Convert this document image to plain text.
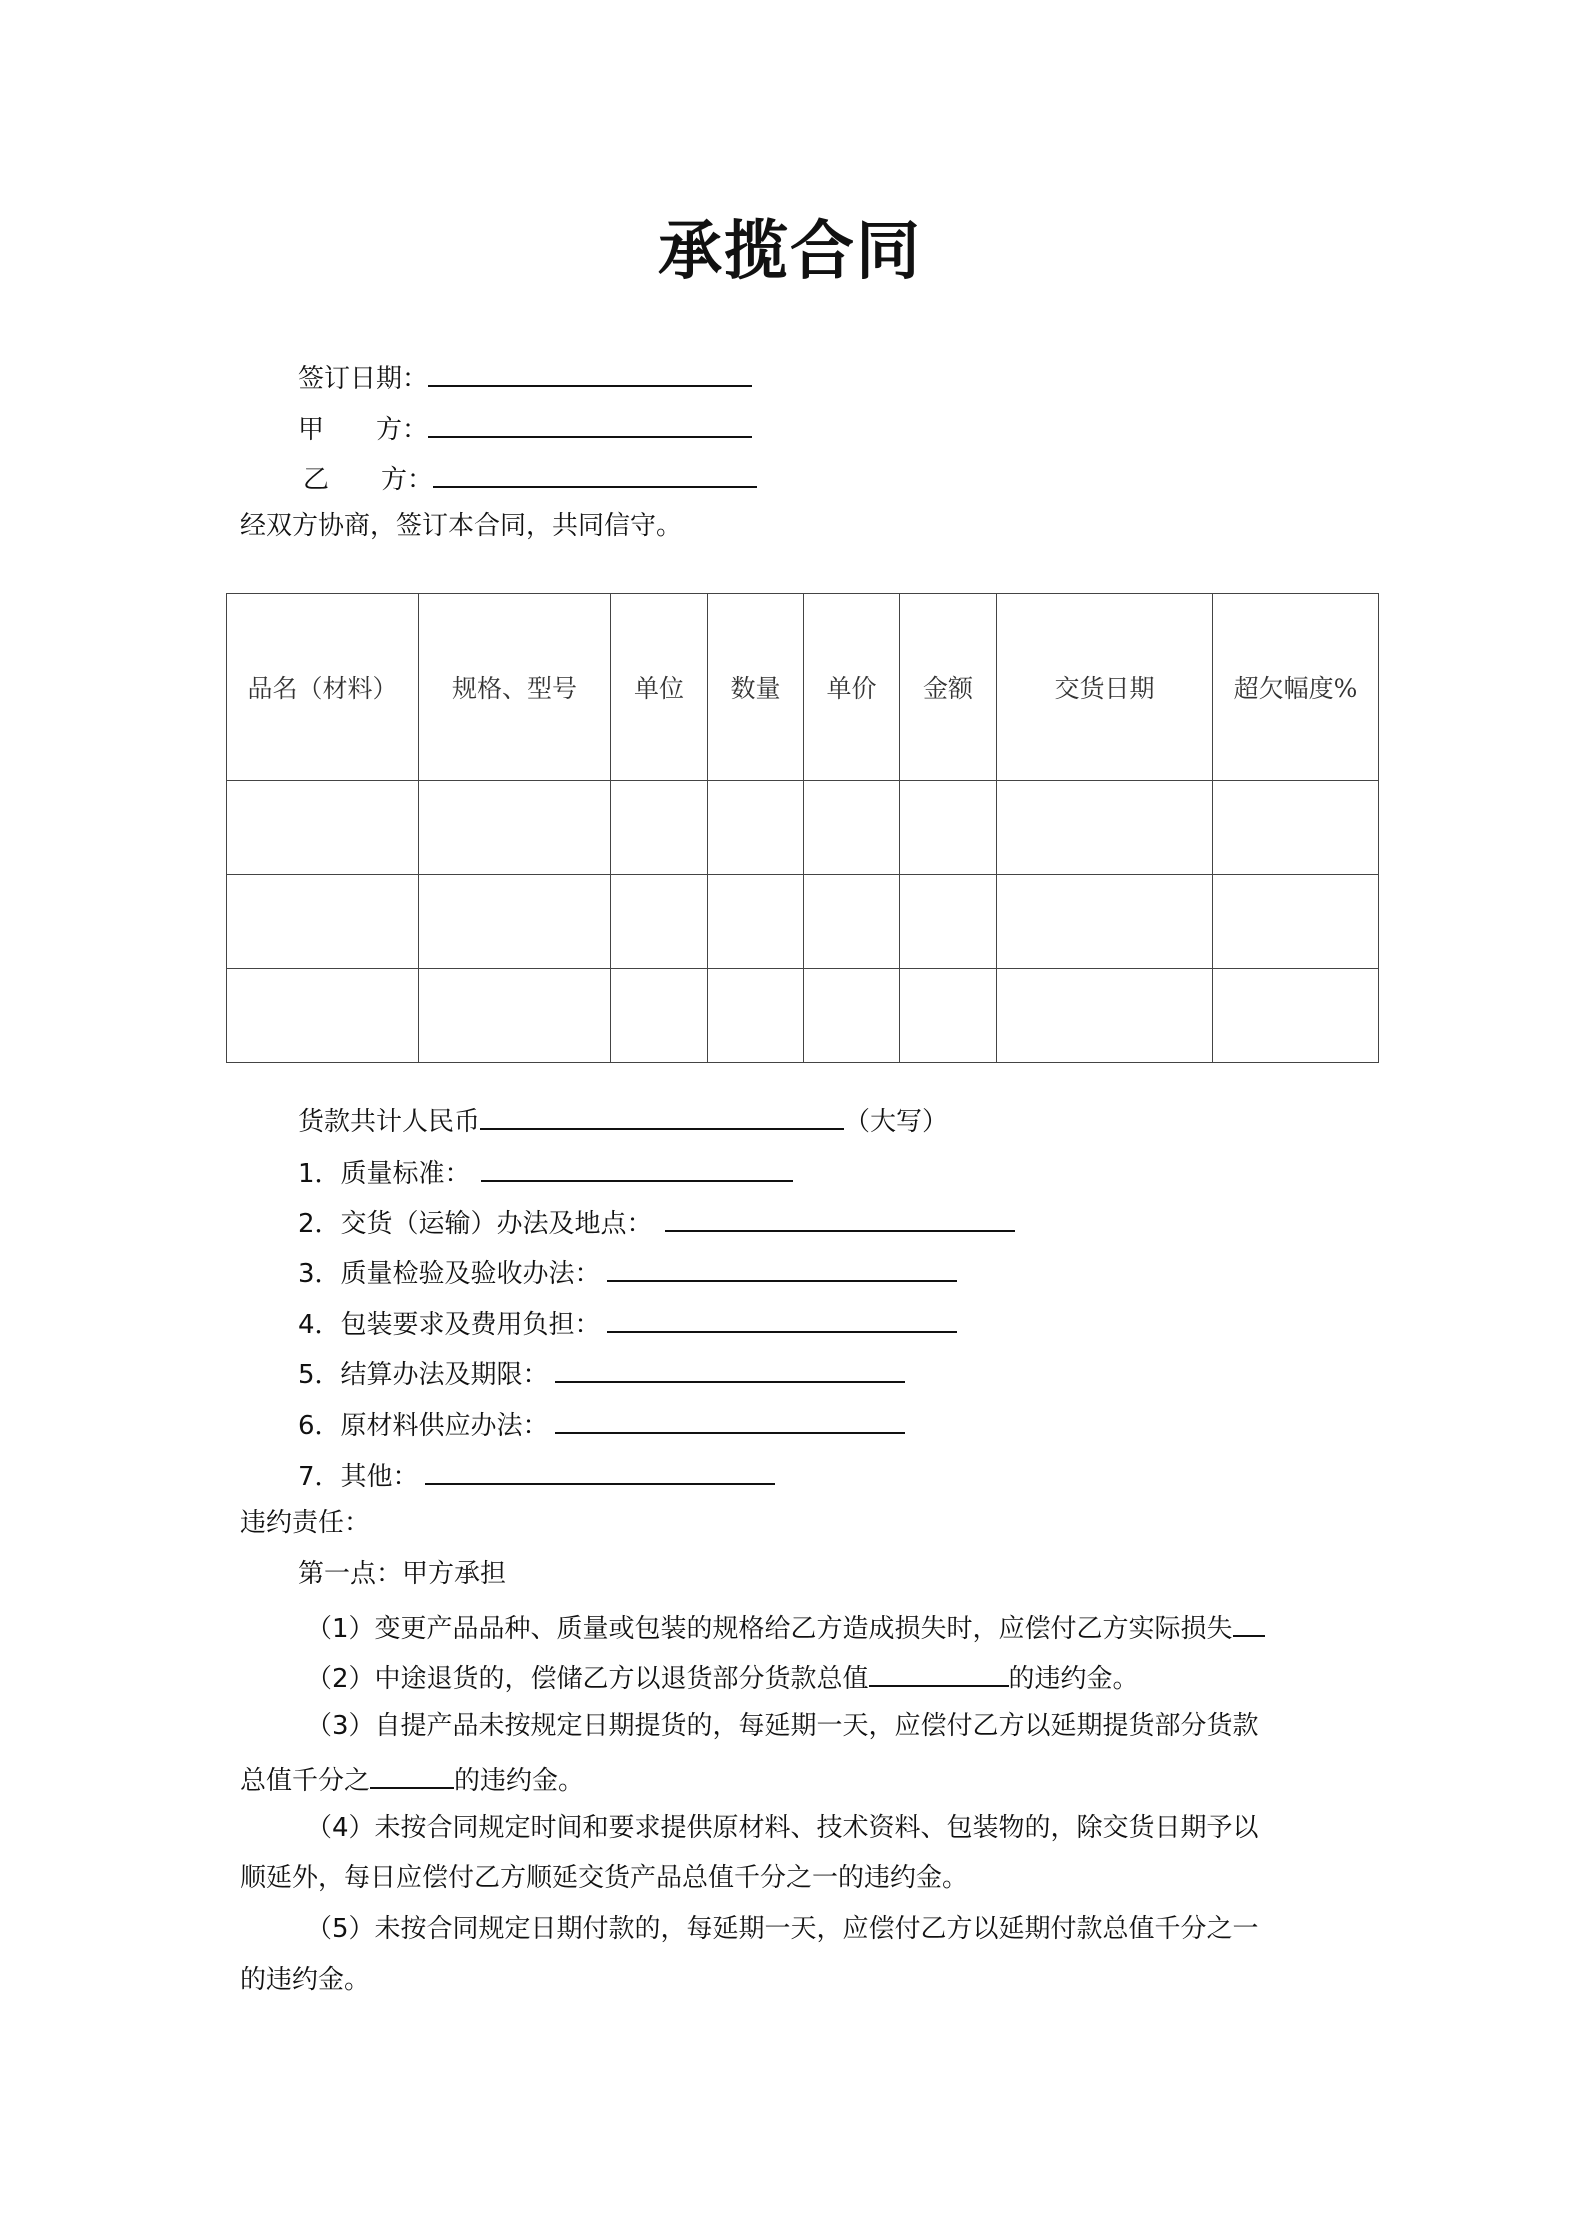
承揽合同
签订日期：
甲　　方：
乙　　方：
经双方协商，签订本合同，共同信守。
品名（材料）	规格、型号	单位	数量	单价	金额	交货日期	超欠幅度%

货款共计人民币	（大写）
1．质量标准：
2．交货（运输）办法及地点：
3．质量检验及验收办法：
4．包装要求及费用负担：
5．结算办法及期限：
6．原材料供应办法：
7．其他：
违约责任：
第一点：甲方承担
（1）变更产品品种、质量或包装的规格给乙方造成损失时，应偿付乙方实际损失
（2）中途退货的，偿储乙方以退货部分货款总值	的违约金。
（3）自提产品未按规定日期提货的，每延期一天，应偿付乙方以延期提货部分货款
总值千分之	的违约金。
（4）未按合同规定时间和要求提供原材料、技术资料、包装物的，除交货日期予以
顺延外，每日应偿付乙方顺延交货产品总值千分之一的违约金。
（5）未按合同规定日期付款的，每延期一天，应偿付乙方以延期付款总值千分之一
的违约金。
